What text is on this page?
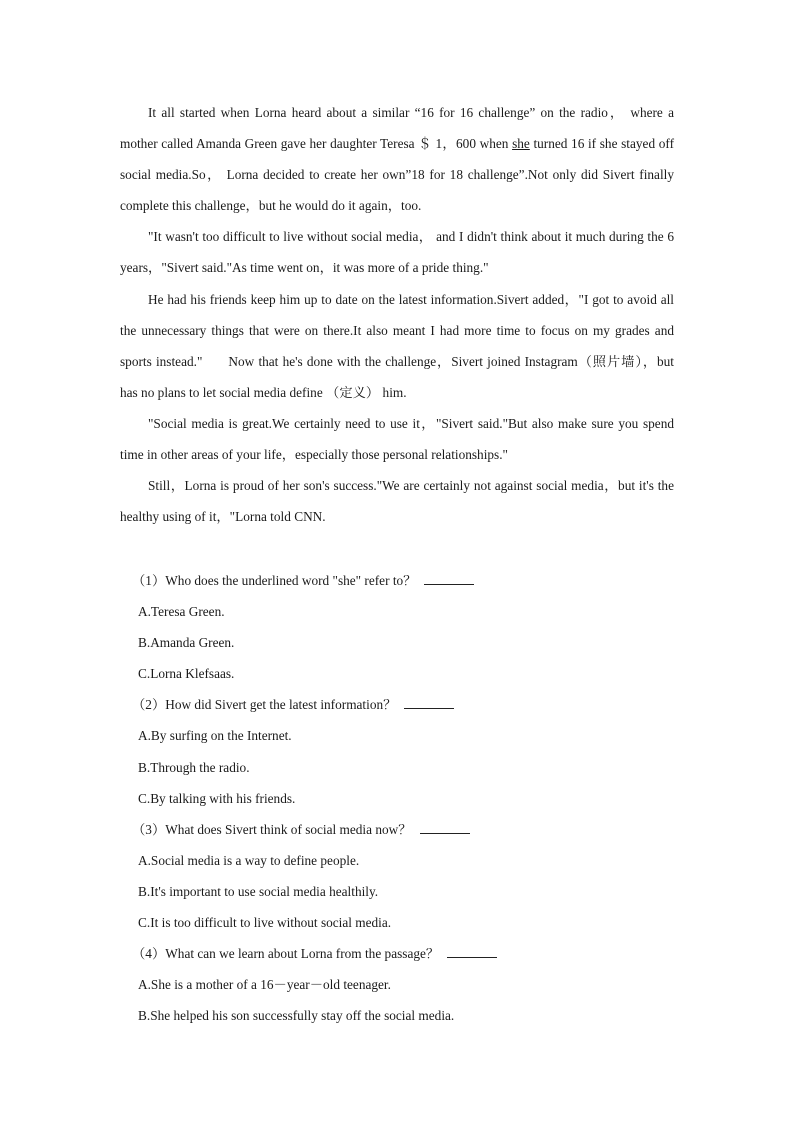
It all started when Lorna heard about a similar “16 for 16 challenge” on the radio， where a mother called Amanda Green gave her daughter Teresa ＄ 1，600 when she turned 16 if she stayed off social media.So， Lorna decided to create her own”18 for 18 challenge”.Not only did Sivert finally complete this challenge，but he would do it again，too.

"It wasn't too difficult to live without social media， and I didn't think about it much during the 6 years，"Sivert said."As time went on，it was more of a pride thing."

He had his friends keep him up to date on the latest information.Sivert added，"I got to avoid all the unnecessary things that were on there.It also meant I had more time to focus on my grades and sports instead." Now that he's done with the challenge，Sivert joined Instagram（照片墙），but has no plans to let social media define （定义） him.

"Social media is great.We certainly need to use it，"Sivert said."But also make sure you spend time in other areas of your life，especially those personal relationships."

Still，Lorna is proud of her son's success."We are certainly not against social media，but it's the healthy using of it，"Lorna told CNN.

（1）Who does the underlined word "she" refer to？
A.Teresa Green.
B.Amanda Green.
C.Lorna Klefsaas.
（2）How did Sivert get the latest information？
A.By surfing on the Internet.
B.Through the radio.
C.By talking with his friends.
（3）What does Sivert think of social media now？
A.Social media is a way to define people.
B.It's important to use social media healthily.
C.It is too difficult to live without social media.
（4）What can we learn about Lorna from the passage？
A.She is a mother of a 16－year－old teenager.
B.She helped his son successfully stay off the social media.
